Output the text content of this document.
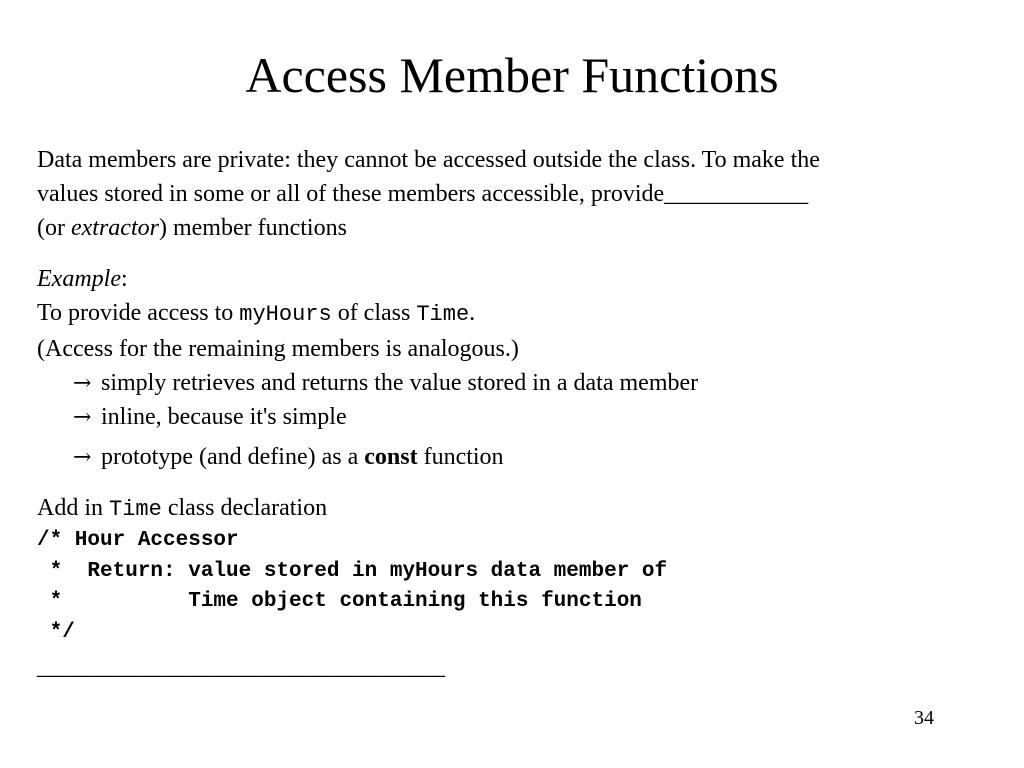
Access Member Functions
Data members are private: they cannot be accessed outside the class. To make the
values stored in some or all of these members accessible, provide____________
(or extractor) member functions
Example:
To provide access to myHours of class Time.
(Access for the remaining members is analogous.)
→ simply retrieves and returns the value stored in a data member
→ inline, because it's simple
→ prototype (and define) as a const function
Add in Time class declaration
/* Hour Accessor
*  Return: value stored in myHours data member of
*          Time object containing this function
*/
__________________________________
34
